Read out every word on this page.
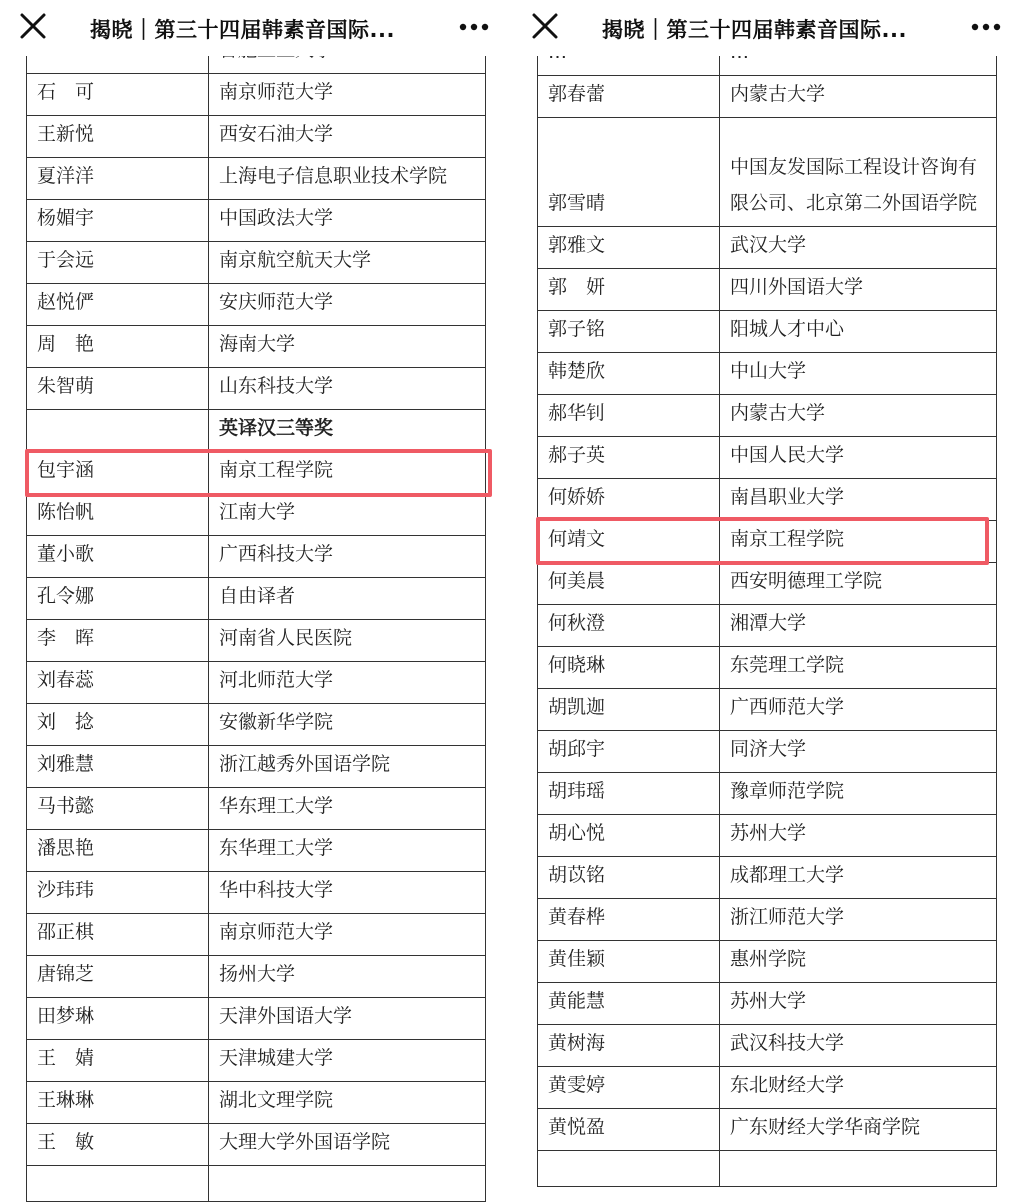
石　可	南京师范大学
王新悦	西安石油大学
夏洋洋	上海电子信息职业技术学院
杨媚宇	中国政法大学
于会远	南京航空航天大学
赵悦俨	安庆师范大学
周　艳	海南大学
朱智萌	山东科技大学
	英译汉三等奖
包宇涵	南京工程学院
陈怡帆	江南大学
董小歌	广西科技大学
孔令娜	自由译者
李　晖	河南省人民医院
刘春蕊	河北师范大学
刘　捻	安徽新华学院
刘雅慧	浙江越秀外国语学院
马书懿	华东理工大学
潘思艳	东华理工大学
沙玮玮	华中科技大学
邵正棋	南京师范大学
唐锦芝	扬州大学
田梦琳	天津外国语大学
王　婧	天津城建大学
王琳琳	湖北文理学院
王　敏	大理大学外国语学院

揭晓｜第三十四届韩素音国际...

郭春蕾	内蒙古大学
郭雪晴	中国友发国际工程设计咨询有限公司、北京第二外国语学院
郭雅文	武汉大学
郭　妍	四川外国语大学
郭子铭	阳城人才中心
韩楚欣	中山大学
郝华钊	内蒙古大学
郝子英	中国人民大学
何娇娇	南昌职业大学
何靖文	南京工程学院
何美晨	西安明德理工学院
何秋澄	湘潭大学
何晓琳	东莞理工学院
胡凯迦	广西师范大学
胡邱宇	同济大学
胡玮瑶	豫章师范学院
胡心悦	苏州大学
胡苡铭	成都理工大学
黄春桦	浙江师范大学
黄佳颖	惠州学院
黄能慧	苏州大学
黄树海	武汉科技大学
黄雯婷	东北财经大学
黄悦盈	广东财经大学华商学院

揭晓｜第三十四届韩素音国际...
